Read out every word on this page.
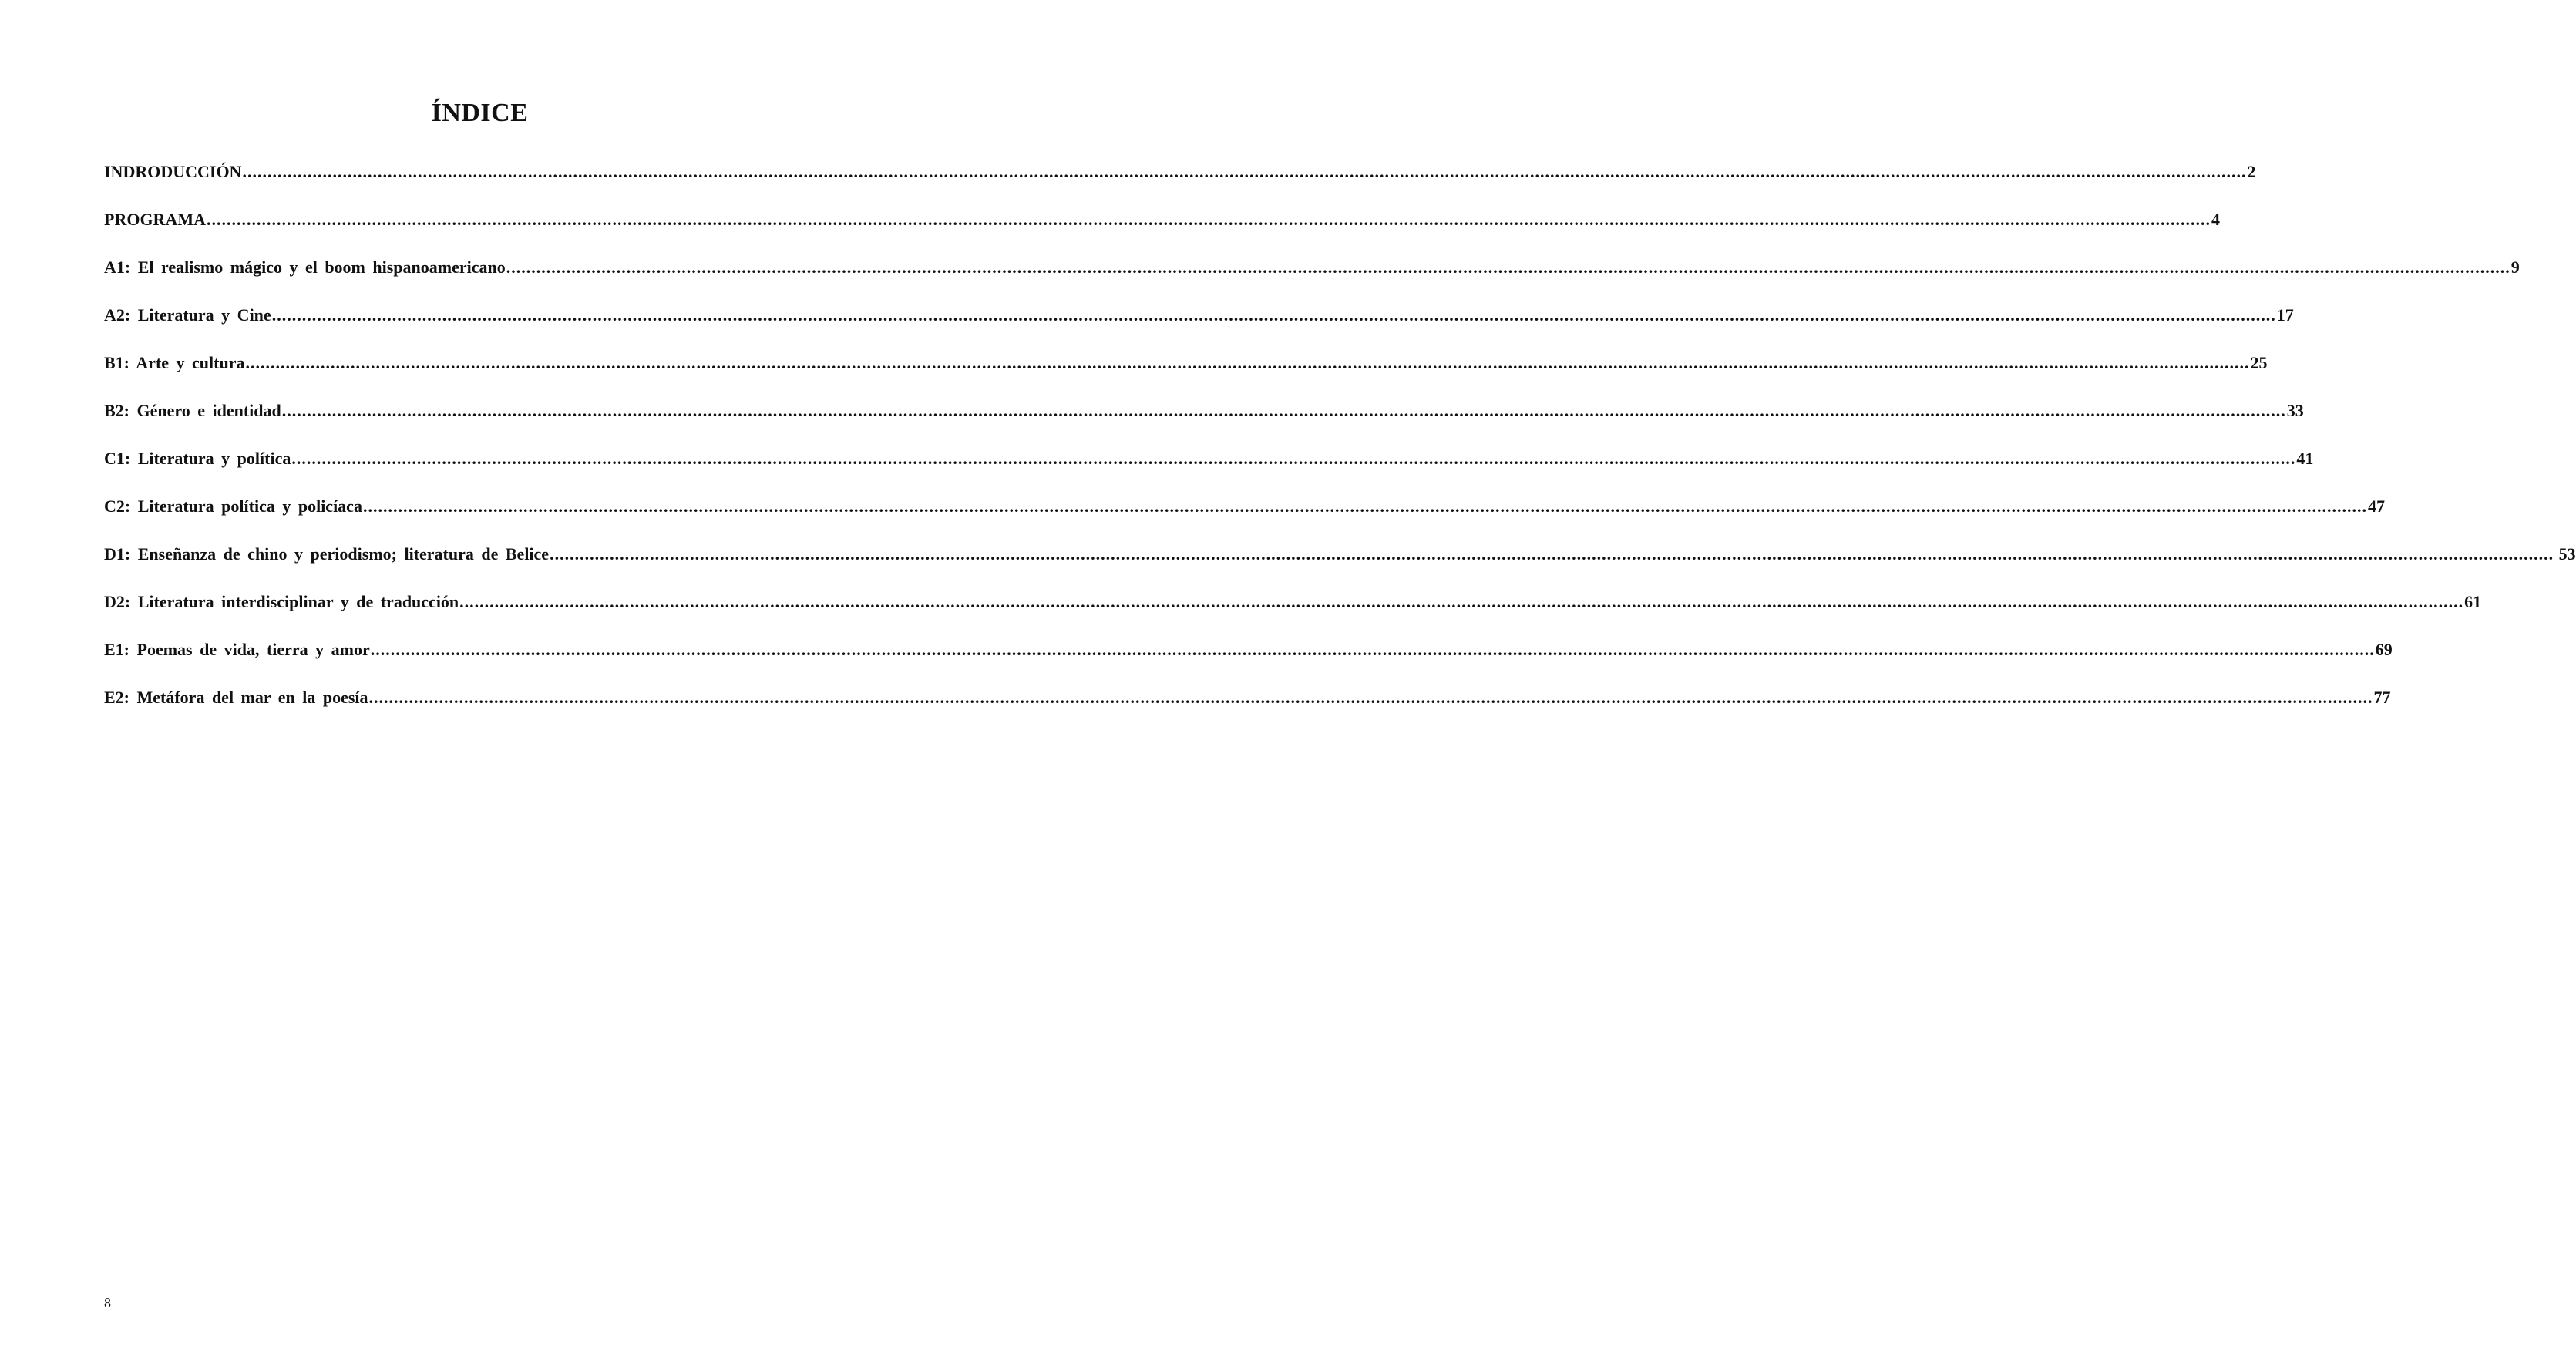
ÍNDICE
INDRODUCCIÓN ................................................................................................................................................................................................................................................................................................................................................................................................................ 2
PROGRAMA ................................................................................................................................................................................................................................................................................................................................................................................................................ 4
A1: El realismo mágico y el boom hispanoamericano ................................................................................................................................................................................................................................................................................................................................................................................................................ 9
A2: Literatura y Cine ................................................................................................................................................................................................................................................................................................................................................................................................................ 17
B1: Arte y cultura ................................................................................................................................................................................................................................................................................................................................................................................................................ 25
B2: Género e identidad ................................................................................................................................................................................................................................................................................................................................................................................................................ 33
C1: Literatura y política ................................................................................................................................................................................................................................................................................................................................................................................................................ 41
C2: Literatura política y policíaca ................................................................................................................................................................................................................................................................................................................................................................................................................ 47
D1: Enseñanza de chino y periodismo; literatura de Belice ................................................................................................................................................................................................................................................................................................................................................................................................................ 53
D2: Literatura interdisciplinar y de traducción ................................................................................................................................................................................................................................................................................................................................................................................................................ 61
E1: Poemas de vida, tierra y amor ................................................................................................................................................................................................................................................................................................................................................................................................................ 69
E2: Metáfora del mar en la poesía ................................................................................................................................................................................................................................................................................................................................................................................................................ 77

8
